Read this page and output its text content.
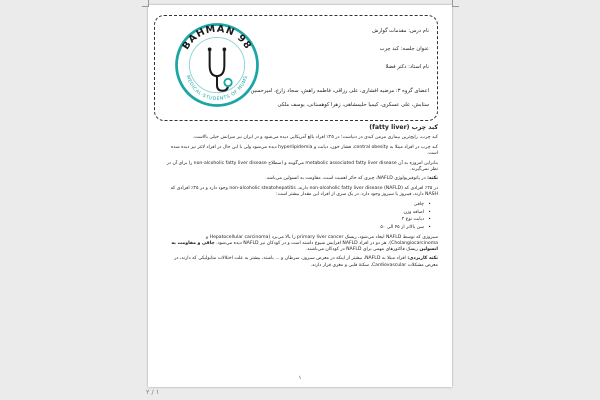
BAHMAN 98
MEDICAL STUDENTS OF MUMS
نام درس: مقدمات گوارش
عنوان جلسه: کبد چرب
نام استاد: دکتر فضلا
اعضای گروه ۳: مرضیه افشاری، علی رزاقی، فاطمه راهش، سجاد زارع، امیرحسین
ستایش، علی عسکری، کیمیا حلیمشاهی، زهرا کوهستانی، یوسف ملکی
کبد چرب (fatty liver)

کبد چرب، رایج‌ترین بیماری مزمن کبدی در دنیاست؛ در ۲۵٪ افراد بالغ آمریکایی دیده می‌شود و در ایران نیز میزانش خیلی بالاست.

کبد چرب در افراد مبتلا به central obesity، فشار خون، دیابت و hyperlipidemia دیده می‌شود ولی با این حال در افراد لاغر نیز دیده شده است.

بنابراین امروزه به آن metabolic associated fatty liver disease می‌گویند و اصطلاح non-alcoholic fatty liver disease را برای آن در نظر نمی‌گیرند.

نکته: در پاتوفیزیولوژی NAFLD، چیزی که حائز اهمیت است، مقاومت به انسولین می‌باشد.

در ۲۵٪ افرادی که non-alcoholic fatty liver disease (NAFLD) دارند، non-alcoholic steatohepatitis وجود دارد و در ۲۵٪ افرادی که NASH دارند، فیبروز یا سیروز وجود دارد. در یک سری از افراد این مقدار بیشتر است:

• چاقی
• اضافه وزن
• دیابت نوع ۲
• سن بالاتر از ۴۵ الی ۵۰

سیروزی که توسط NAFLD ایجاد می‌شود، ریسک primary liver cancer را بالا می‌برد (Hepatocellular carcinoma و Cholangiocarcinoma). هر دو در افراد NAFLD افزایش شیوع داشته است و در کودکان نیز NAFLD دیده می‌شود. چاقی و مقاومت به انسولین ریسک فاکتورهای مهمی برای NAFLD در کودکان می‌باشند.

نکته کاربردی: افراد مبتلا به NAFLD، بیشتر از اینکه در معرض سیروز، سرطان و ... باشند، بیشتر به علت اختلالات متابولیکی که دارند، در معرض مشکلات Cardiovascular، سکتهٔ قلبی و مغزی قرار دارند.

۱
۲ / ۱
